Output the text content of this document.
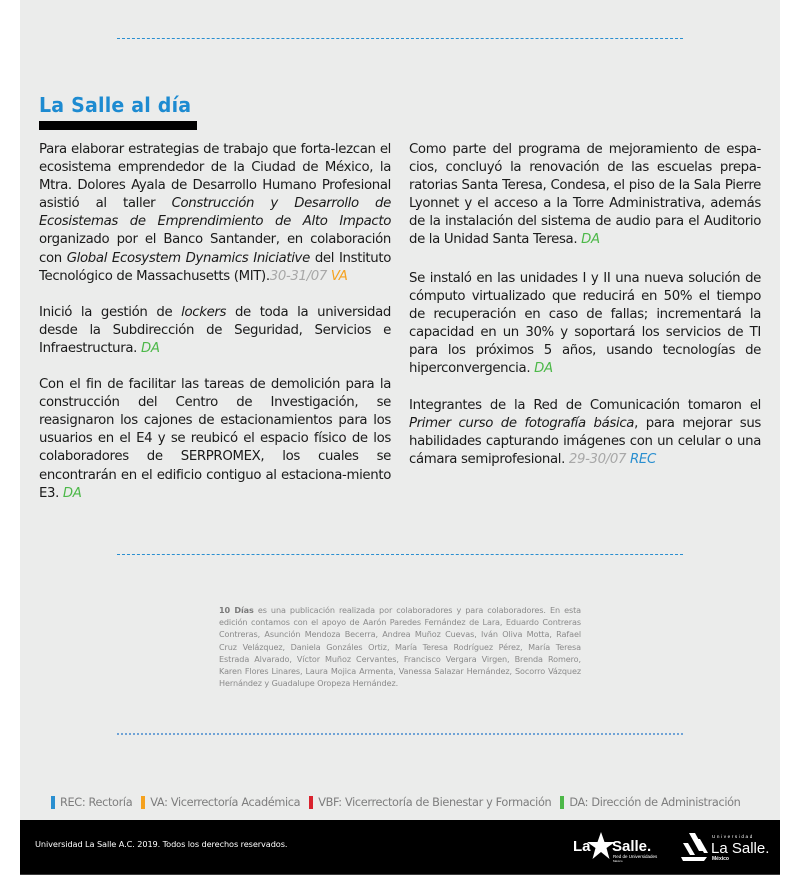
La Salle al día

Para elaborar estrategias de trabajo que forta-lezcan el ecosistema emprendedor de la Ciudad de México, la Mtra. Dolores Ayala de Desarrollo Humano Profesional asistió al taller Construcción y Desarrollo de Ecosistemas de Emprendimiento de Alto Impacto organizado por el Banco Santander, en colaboración con Global Ecosystem Dynamics Iniciative del Instituto Tecnológico de Massachusetts (MIT).30-31/07 VA

Inició la gestión de lockers de toda la universidad desde la Subdirección de Seguridad, Servicios e Infraestructura. DA

Con el fin de facilitar las tareas de demolición para la construcción del Centro de Investigación, se reasignaron los cajones de estacionamientos para los usuarios en el E4 y se reubicó el espacio físico de los colaboradores de SERPROMEX, los cuales se encontrarán en el edificio contiguo al estaciona-miento E3. DA

Como parte del programa de mejoramiento de espa-cios, concluyó la renovación de las escuelas prepa-ratorias Santa Teresa, Condesa, el piso de la Sala Pierre Lyonnet y el acceso a la Torre Administrativa, además de la instalación del sistema de audio para el Auditorio de la Unidad Santa Teresa. DA

Se instaló en las unidades I y II una nueva solución de cómputo virtualizado que reducirá en 50% el tiempo de recuperación en caso de fallas; incrementará la capacidad en un 30% y soportará los servicios de TI para los próximos 5 años, usando tecnologías de hiperconvergencia. DA

Integrantes de la Red de Comunicación tomaron el Primer curso de fotografía básica, para mejorar sus habilidades capturando imágenes con un celular o una cámara semiprofesional. 29-30/07 REC

10 Días es una publicación realizada por colaboradores y para colaboradores. En esta edición contamos con el apoyo de Aarón Paredes Fernández de Lara, Eduardo Contreras Contreras, Asunción Mendoza Becerra, Andrea Muñoz Cuevas, Iván Oliva Motta, Rafael Cruz Velázquez, Daniela Gonzáles Ortiz, María Teresa Rodríguez Pérez, María Teresa Estrada Alvarado, Víctor Muñoz Cervantes, Francisco Vergara Virgen, Brenda Romero, Karen Flores Linares, Laura Mojica Armenta, Vanessa Salazar Hernández, Socorro Vázquez Hernández y Guadalupe Oropeza Hernández.
REC: Rectoría VA: Vicerrectoría Académica VBF: Vicerrectoría de Bienestar y Formación DA: Dirección de Administración
Universidad La Salle A.C. 2019. Todos los derechos reservados.	La Salle.
Red de Universidades
México
Universidad
La Salle.
México
